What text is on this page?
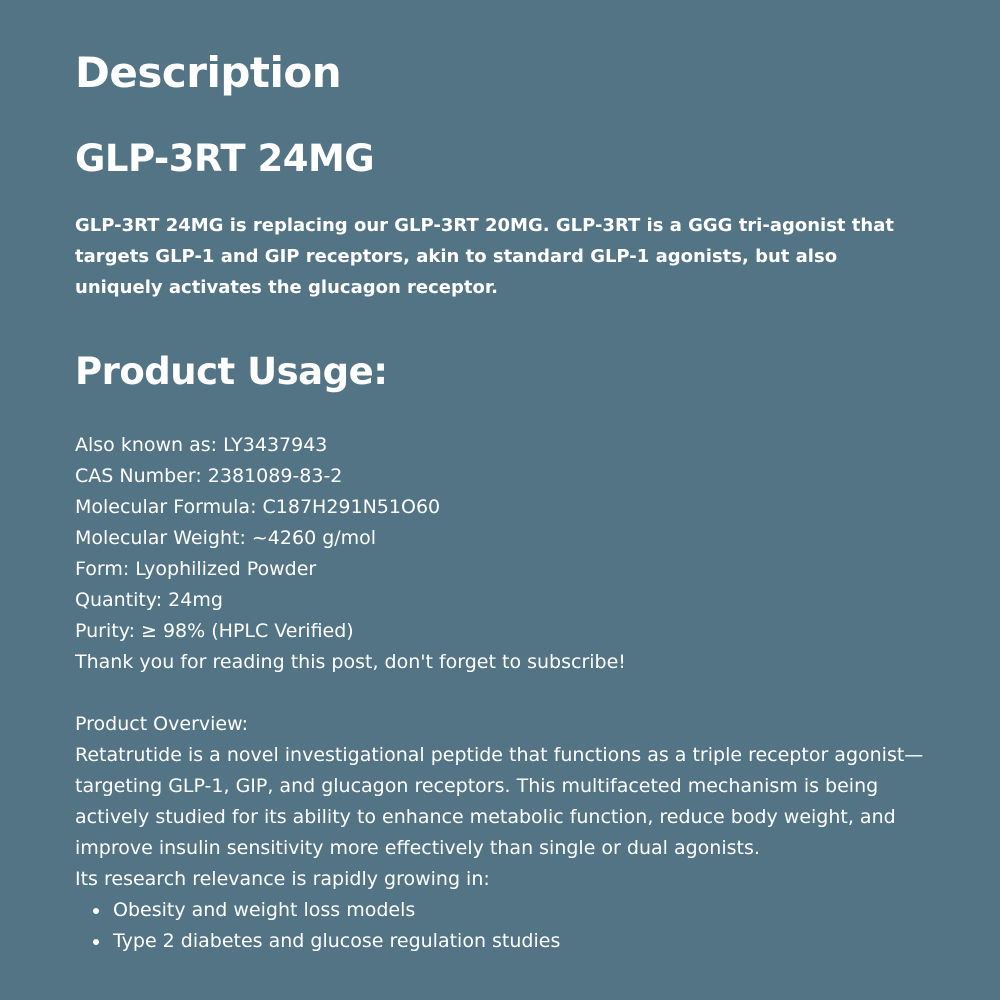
Description
GLP-3RT 24MG

GLP-3RT 24MG is replacing our GLP-3RT 20MG. GLP-3RT is a GGG tri-agonist that targets GLP-1 and GIP receptors, akin to standard GLP-1 agonists, but also uniquely activates the glucagon receptor.

Product Usage:

Also known as: LY3437943

CAS Number: 2381089-83-2

Molecular Formula: C187H291N51O60

Molecular Weight: ~4260 g/mol

Form: Lyophilized Powder

Quantity: 24mg

Purity: ≥ 98% (HPLC Verified)

Thank you for reading this post, don't forget to subscribe!

Product Overview:

Retatrutide is a novel investigational peptide that functions as a triple receptor agonist—targeting GLP-1, GIP, and glucagon receptors. This multifaceted mechanism is being actively studied for its ability to enhance metabolic function, reduce body weight, and improve insulin sensitivity more effectively than single or dual agonists.

Its research relevance is rapidly growing in:

Obesity and weight loss models
Type 2 diabetes and glucose regulation studies
